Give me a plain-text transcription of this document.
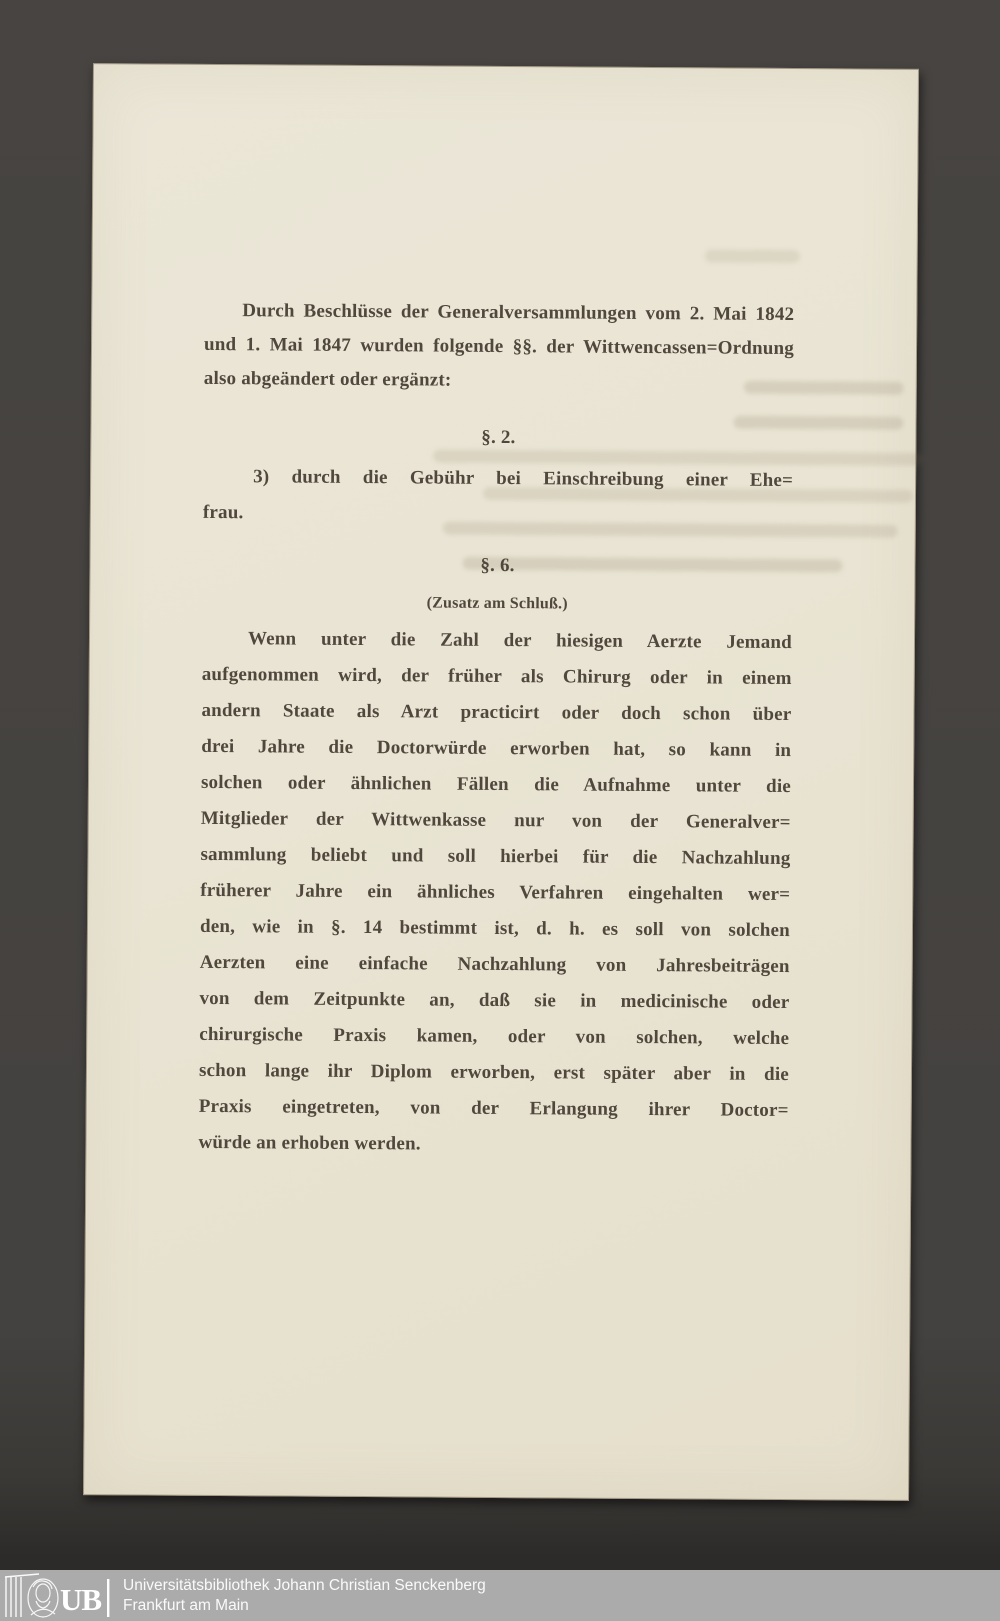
Durch Beschlüsse der Generalversammlungen vom 2. Mai 1842
und 1. Mai 1847 wurden folgende §§. der Wittwencassen=Ordnung
also abgeändert oder ergänzt:
§. 2.
3) durch die Gebühr bei Einschreibung einer Ehe=
frau.
§. 6.
(Zusatz am Schluß.)
Wenn unter die Zahl der hiesigen Aerzte Jemand
aufgenommen wird, der früher als Chirurg oder in einem
andern Staate als Arzt practicirt oder doch schon über
drei Jahre die Doctorwürde erworben hat, so kann in
solchen oder ähnlichen Fällen die Aufnahme unter die
Mitglieder der Wittwenkasse nur von der Generalver=
sammlung beliebt und soll hierbei für die Nachzahlung
früherer Jahre ein ähnliches Verfahren eingehalten wer=
den, wie in §. 14 bestimmt ist, d. h. es soll von solchen
Aerzten eine einfache Nachzahlung von Jahresbeiträgen
von dem Zeitpunkte an, daß sie in medicinische oder
chirurgische Praxis kamen, oder von solchen, welche
schon lange ihr Diplom erworben, erst später aber in die
Praxis eingetreten, von der Erlangung ihrer Doctor=
würde an erhoben werden.
UB Universitätsbibliothek Johann Christian Senckenberg
Frankfurt am Main
